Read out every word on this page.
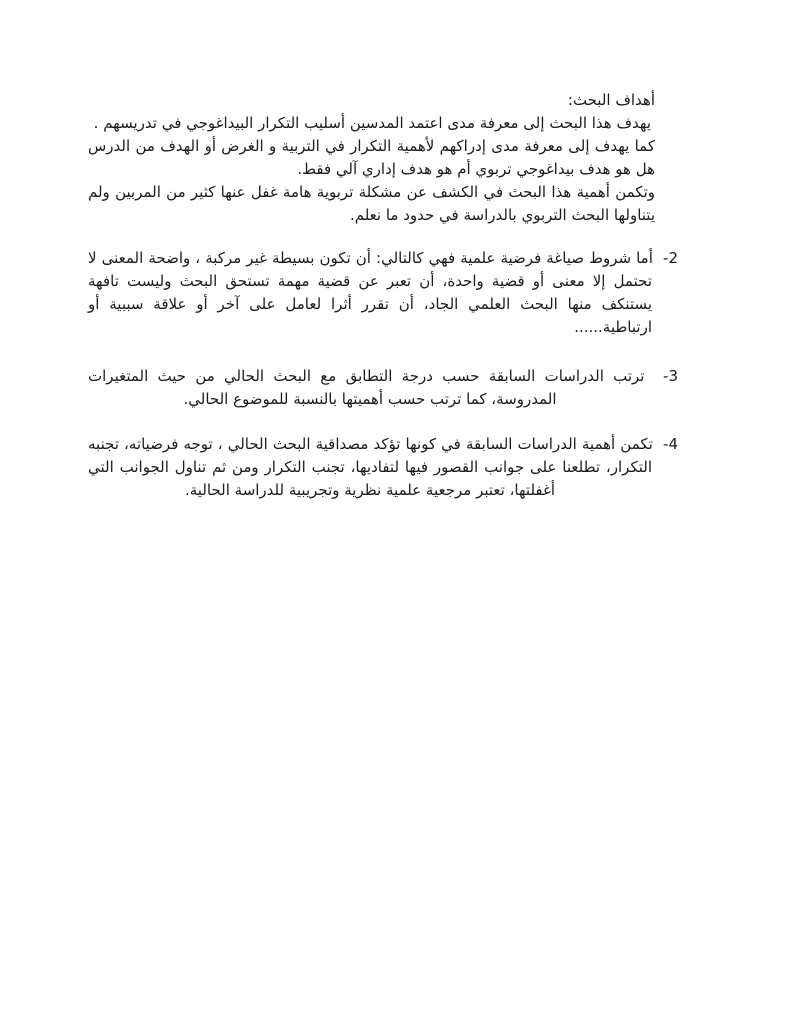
أهداف البحث:

يهدف هذا البحث إلى معرفة مدى اعتمد المدسين أسليب التكرار البيداغوجي في تدريسهم .

كما يهدف إلى معرفة مدى إدراكهم لأهمية التكرار في التربية و الغرض أو الهدف من الدرس هل هو هدف بيداغوجي تربوي أم هو هدف إداري آلي فقط.

وتكمن أهمية هذا البحث في الكشف عن مشكلة تربوية هامة غفل عنها كثير من المربين ولم يتناولها البحث التربوي بالدراسة في حدود ما نعلم.

2-  أما شروط صياغة فرضية علمية فهي كالتالي: أن تكون بسيطة غير مركبة ، واضحة المعنى لا تحتمل إلا معنى أو قضية واحدة، أن تعبر عن قضية مهمة تستحق البحث وليست تافهة يستنكف منها البحث العلمي الجاد، أن تقرر أثرا لعامل على آخر أو علاقة سببية أو ارتباطية......

3-  ترتب الدراسات السابقة حسب درجة التطابق مع البحث الحالي من حيث المتغيرات المدروسة، كما ترتب حسب أهميتها بالنسبة للموضوع الحالي.

4-  تكمن أهمية الدراسات السابقة في كونها تؤكد مصداقية البحث الحالي ، توجه فرضياته، تجنبه التكرار، تطلعنا على جوانب القصور فيها لتفاديها، تجنب التكرار ومن ثم تناول الجوانب التي أغفلتها، تعتبر مرجعية علمية نظرية وتجريبية للدراسة الحالية.
